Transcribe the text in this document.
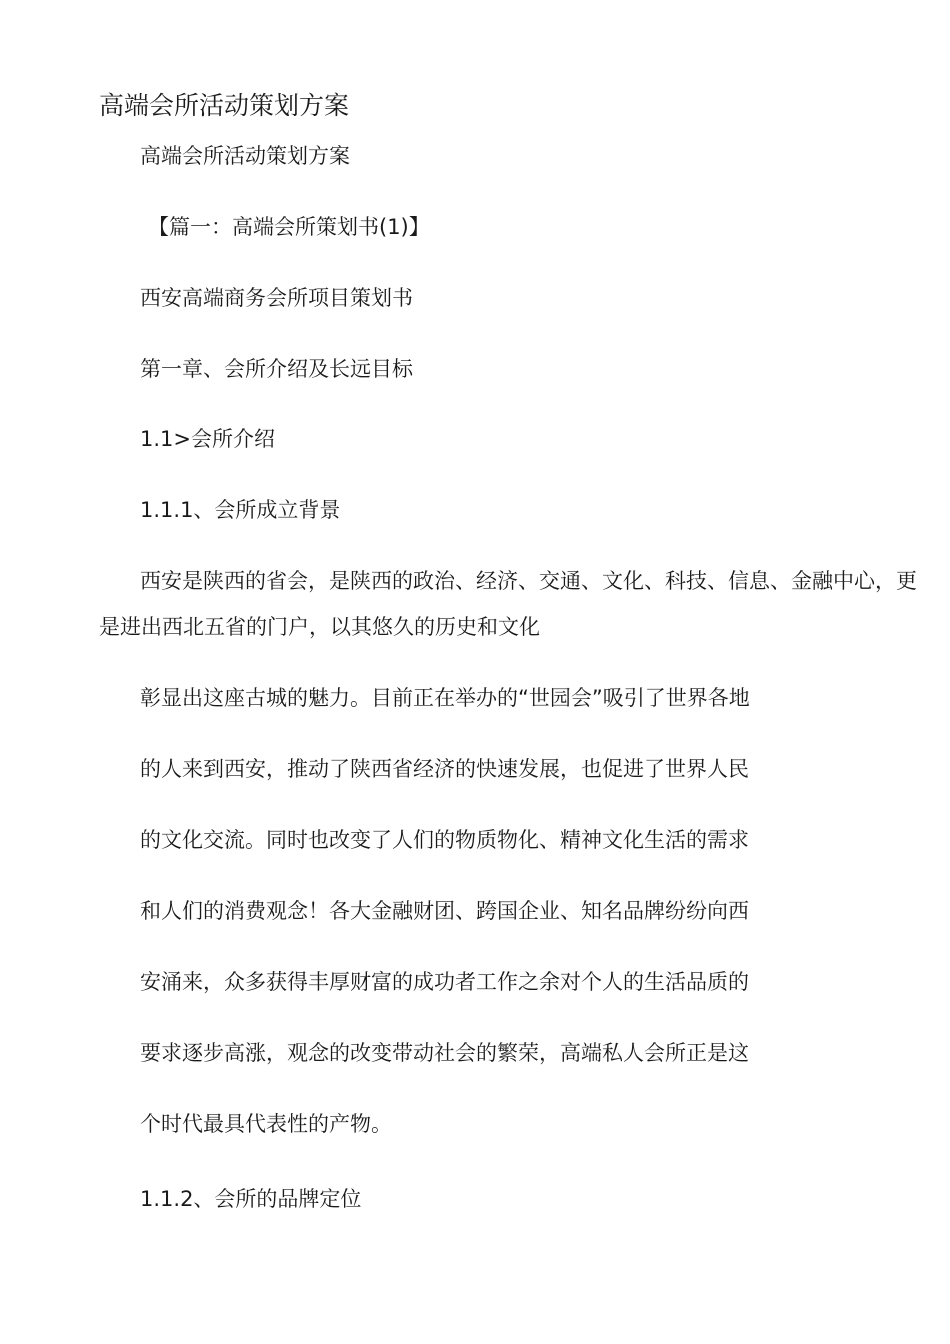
高端会所活动策划方案
高端会所活动策划方案
【篇一：高端会所策划书(1)】
西安高端商务会所项目策划书
第一章、会所介绍及长远目标
1.1>会所介绍
1.1.1、会所成立背景
西安是陕西的省会，是陕西的政治、经济、交通、文化、科技、信息、金融中心，更
是进出西北五省的门户，以其悠久的历史和文化
彰显出这座古城的魅力。目前正在举办的“世园会”吸引了世界各地
的人来到西安，推动了陕西省经济的快速发展，也促进了世界人民
的文化交流。同时也改变了人们的物质物化、精神文化生活的需求
和人们的消费观念！各大金融财团、跨国企业、知名品牌纷纷向西
安涌来，众多获得丰厚财富的成功者工作之余对个人的生活品质的
要求逐步高涨，观念的改变带动社会的繁荣，高端私人会所正是这
个时代最具代表性的产物。
1.1.2、会所的品牌定位
